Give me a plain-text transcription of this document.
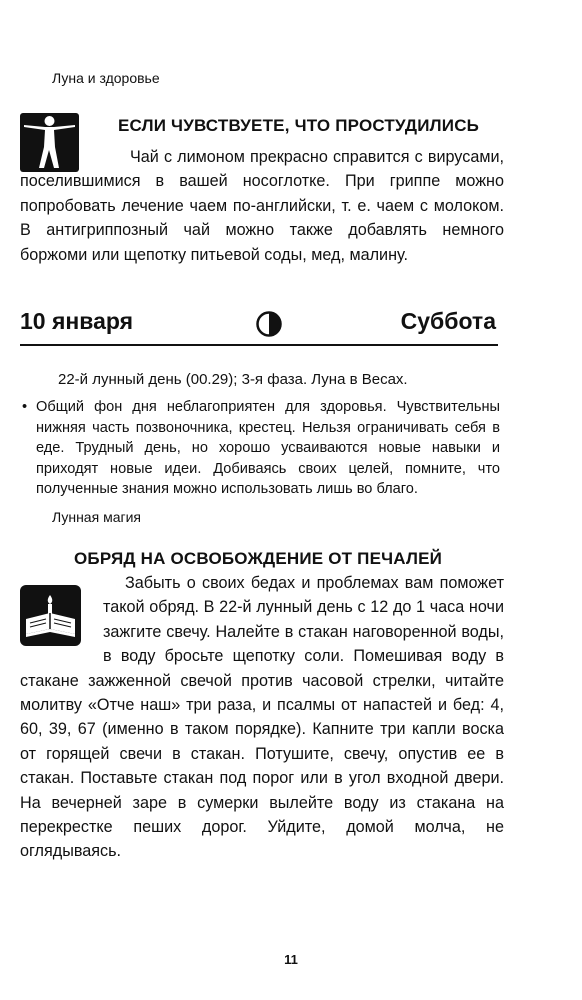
Луна и здоровье
ЕСЛИ ЧУВСТВУЕТЕ, ЧТО ПРОСТУДИЛИСЬ
Чай с лимоном прекрасно справится с вирусами, поселившимися в вашей носоглотке. При гриппе можно попробовать лечение чаем по-английски, т. е. чаем с молоком. В антигриппозный чай можно также добавлять немного боржоми или щепотку питьевой соды, мед, малину.
10 января	Суббота
22-й лунный день (00.29); 3-я фаза. Луна в Весах.
• Общий фон дня неблагоприятен для здоровья. Чувствительны нижняя часть позвоночника, крестец. Нельзя ограничивать себя в еде. Трудный день, но хорошо усваиваются новые навыки и приходят новые идеи. Добиваясь своих целей, помните, что полученные знания можно использовать лишь во благо.
Лунная магия
ОБРЯД НА ОСВОБОЖДЕНИЕ ОТ ПЕЧАЛЕЙ
Забыть о своих бедах и проблемах вам поможет такой обряд. В 22-й лунный день с 12 до 1 часа ночи зажгите свечу. Налейте в стакан наговоренной воды, в воду бросьте щепотку соли. Помешивая воду в стакане зажженной свечой против часовой стрелки, читайте молитву «Отче наш» три раза, и псалмы от напастей и бед: 4, 60, 39, 67 (именно в таком порядке). Капните три капли воска от горящей свечи в стакан. Потушите, свечу, опустив ее в стакан. Поставьте стакан под порог или в угол входной двери. На вечерней заре в сумерки вылейте воду из стакана на перекрестке пеших дорог. Уйдите, домой молча, не оглядываясь.
11
